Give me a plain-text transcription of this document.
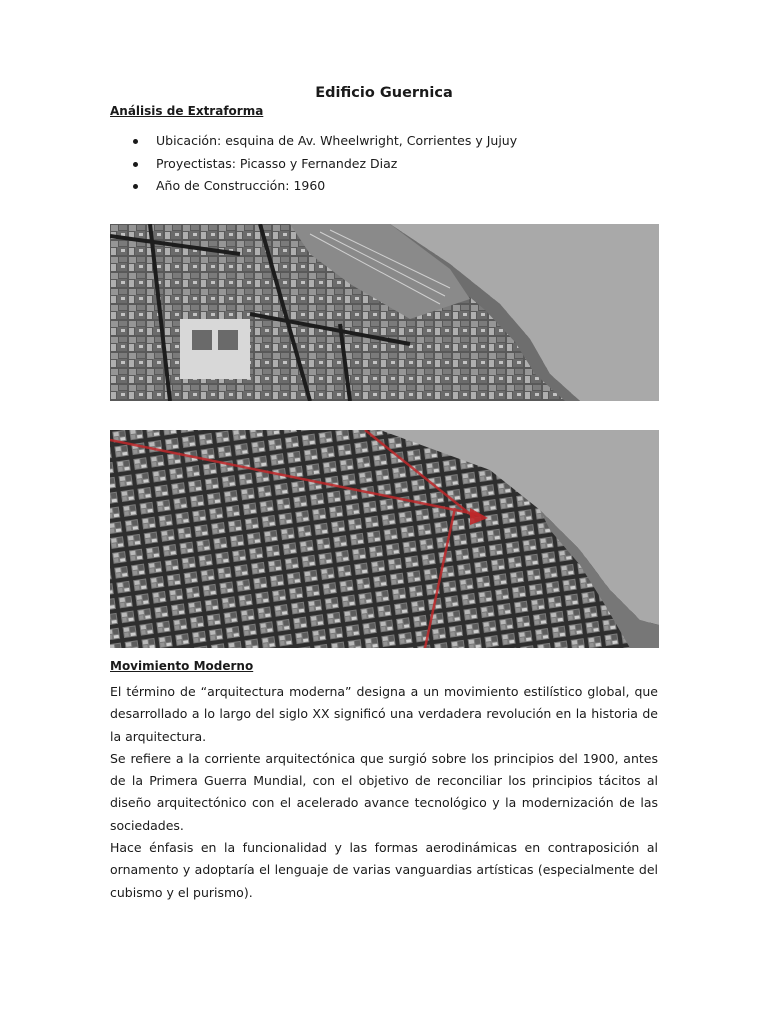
Edificio Guernica
Análisis de Extraforma
Ubicación: esquina de Av. Wheelwright, Corrientes y Jujuy
Proyectistas: Picasso y Fernandez Diaz
Año de Construcción: 1960
Movimiento Moderno

El término de “arquitectura moderna” designa a un movimiento estilístico global, que desarrollado a lo largo del siglo XX significó una verdadera revolución en la historia de la arquitectura.

Se refiere a la corriente arquitectónica que surgió sobre los principios del 1900, antes de la Primera Guerra Mundial, con el objetivo de reconciliar los principios tácitos al diseño arquitectónico con el acelerado avance tecnológico y la modernización de las sociedades.

Hace énfasis en la funcionalidad y las formas aerodinámicas en contraposición al ornamento y adoptaría el lenguaje de varias vanguardias artísticas (especialmente del cubismo y el purismo).
